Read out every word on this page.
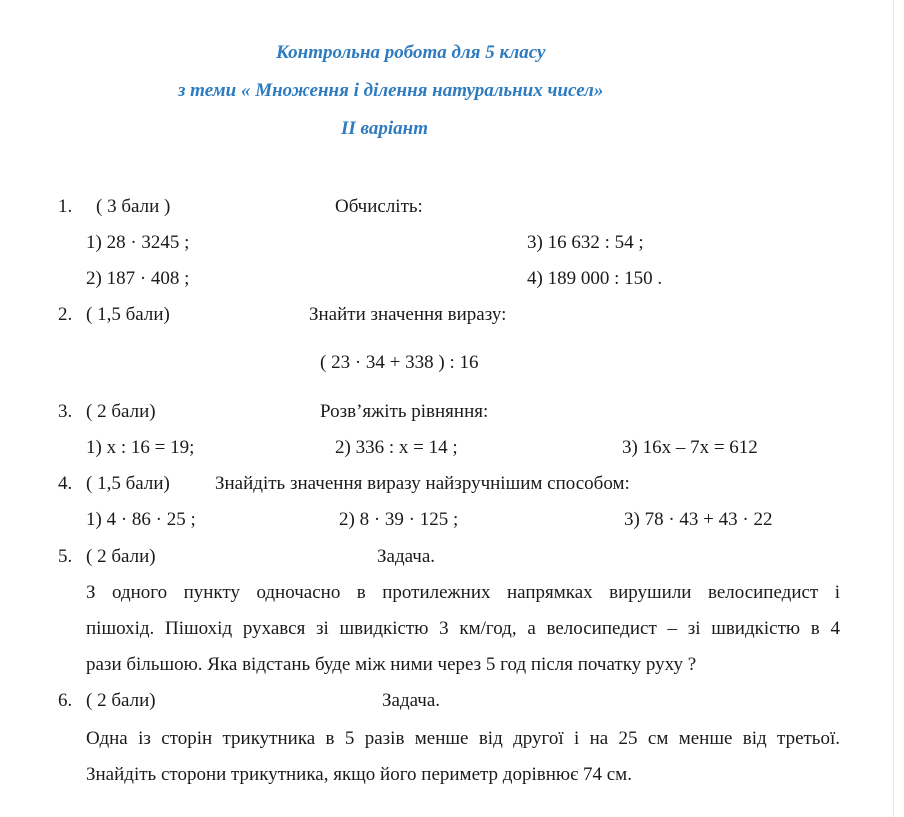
Контрольна робота для 5 класу
з теми « Множення і ділення натуральних чисел»
ІІ варіант
1. ( 3 бали )	Обчисліть:
1) 28 · 3245 ;	3) 16 632 : 54 ;
2) 187 · 408 ;	4) 189 000 : 150 .
2. ( 1,5 бали)	Знайти значення виразу:
( 23 · 34 + 338 ) : 16
3. ( 2 бали)	Розв’яжіть рівняння:
1) x : 16 = 19;	2) 336 : x = 14 ;	3) 16x – 7x = 612
4. ( 1,5 бали) Знайдіть значення виразу найзручнішим способом:
1) 4 · 86 · 25 ;	2) 8 · 39 · 125 ;	3) 78 · 43 + 43 · 22
5. ( 2 бали)	Задача.
З одного пункту одночасно в протилежних напрямках вирушили велосипедист і
пішохід. Пішохід рухався зі швидкістю 3 км/год, а велосипедист – зі швидкістю в 4
рази більшою. Яка відстань буде між ними через 5 год після початку руху ?
6. ( 2 бали)	Задача.
Одна із сторін трикутника в 5 разів менше від другої і на 25 см менше від третьої.
Знайдіть сторони трикутника, якщо його периметр дорівнює 74 см.
